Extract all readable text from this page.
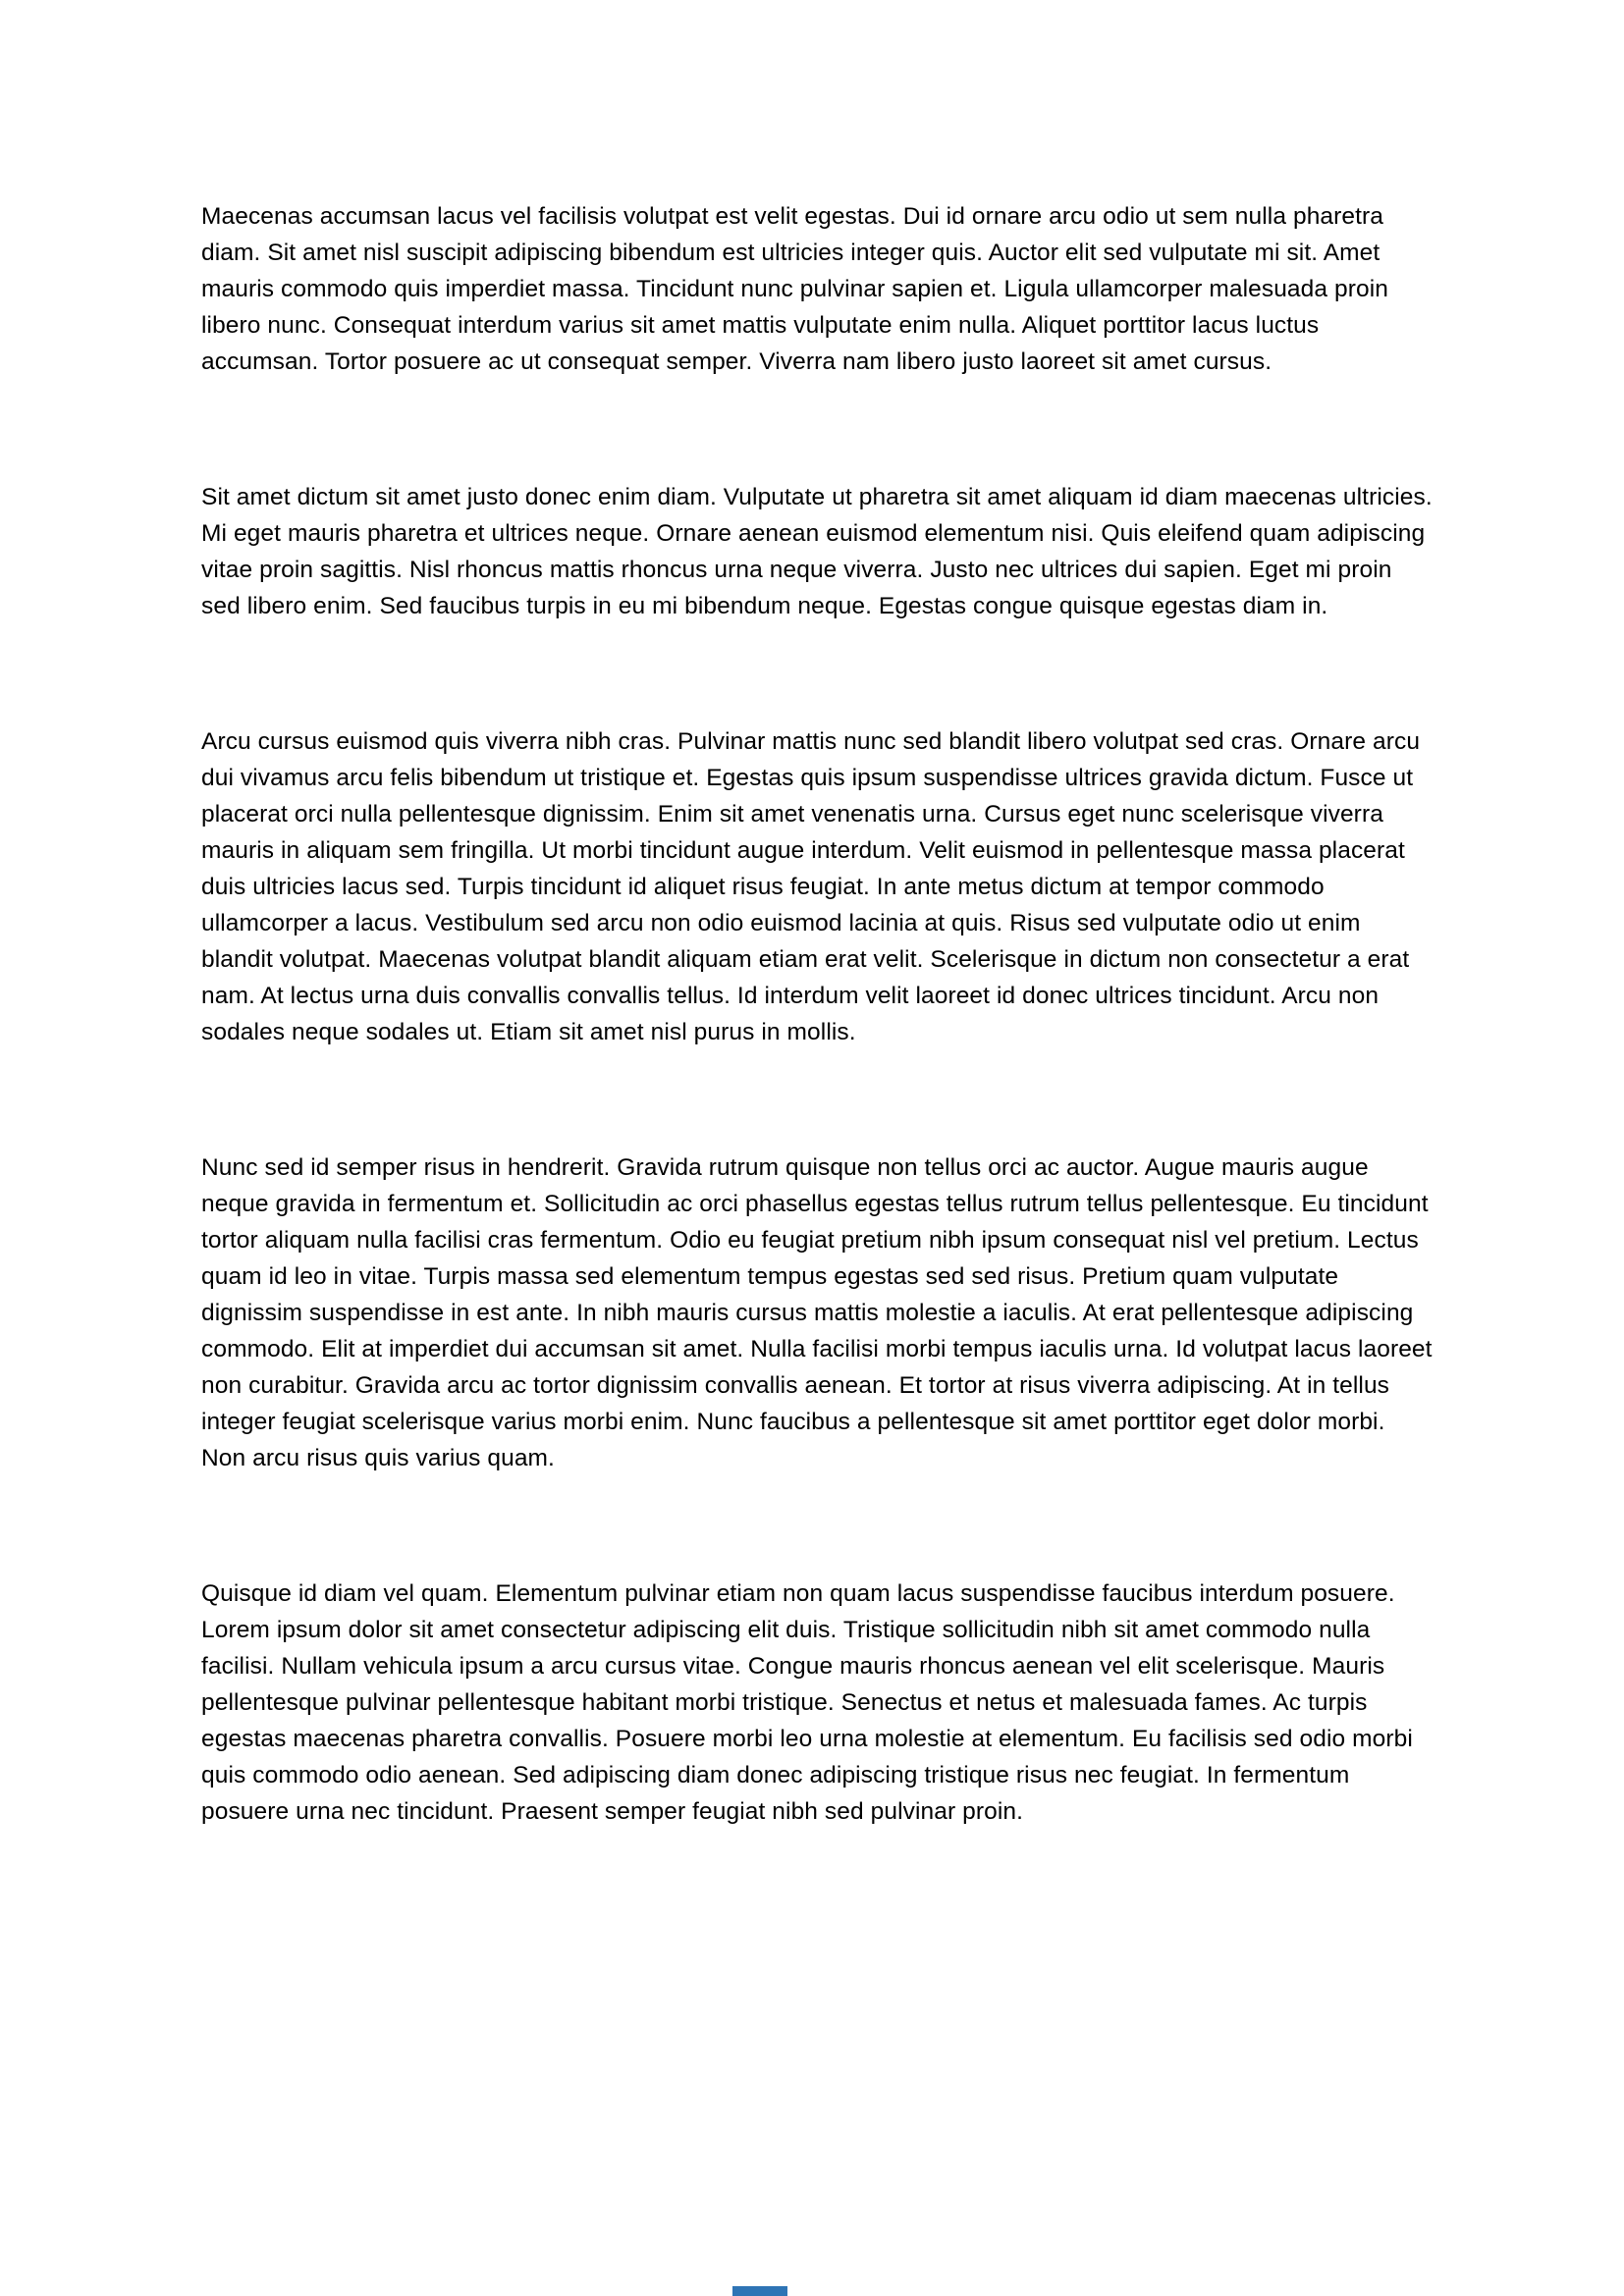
Maecenas accumsan lacus vel facilisis volutpat est velit egestas. Dui id ornare arcu odio ut sem nulla pharetra diam. Sit amet nisl suscipit adipiscing bibendum est ultricies integer quis. Auctor elit sed vulputate mi sit. Amet mauris commodo quis imperdiet massa. Tincidunt nunc pulvinar sapien et. Ligula ullamcorper malesuada proin libero nunc. Consequat interdum varius sit amet mattis vulputate enim nulla. Aliquet porttitor lacus luctus accumsan. Tortor posuere ac ut consequat semper. Viverra nam libero justo laoreet sit amet cursus.

Sit amet dictum sit amet justo donec enim diam. Vulputate ut pharetra sit amet aliquam id diam maecenas ultricies. Mi eget mauris pharetra et ultrices neque. Ornare aenean euismod elementum nisi. Quis eleifend quam adipiscing vitae proin sagittis. Nisl rhoncus mattis rhoncus urna neque viverra. Justo nec ultrices dui sapien. Eget mi proin sed libero enim. Sed faucibus turpis in eu mi bibendum neque. Egestas congue quisque egestas diam in.

Arcu cursus euismod quis viverra nibh cras. Pulvinar mattis nunc sed blandit libero volutpat sed cras. Ornare arcu dui vivamus arcu felis bibendum ut tristique et. Egestas quis ipsum suspendisse ultrices gravida dictum. Fusce ut placerat orci nulla pellentesque dignissim. Enim sit amet venenatis urna. Cursus eget nunc scelerisque viverra mauris in aliquam sem fringilla. Ut morbi tincidunt augue interdum. Velit euismod in pellentesque massa placerat duis ultricies lacus sed. Turpis tincidunt id aliquet risus feugiat. In ante metus dictum at tempor commodo ullamcorper a lacus. Vestibulum sed arcu non odio euismod lacinia at quis. Risus sed vulputate odio ut enim blandit volutpat. Maecenas volutpat blandit aliquam etiam erat velit. Scelerisque in dictum non consectetur a erat nam. At lectus urna duis convallis convallis tellus. Id interdum velit laoreet id donec ultrices tincidunt. Arcu non sodales neque sodales ut. Etiam sit amet nisl purus in mollis.

Nunc sed id semper risus in hendrerit. Gravida rutrum quisque non tellus orci ac auctor. Augue mauris augue neque gravida in fermentum et. Sollicitudin ac orci phasellus egestas tellus rutrum tellus pellentesque. Eu tincidunt tortor aliquam nulla facilisi cras fermentum. Odio eu feugiat pretium nibh ipsum consequat nisl vel pretium. Lectus quam id leo in vitae. Turpis massa sed elementum tempus egestas sed sed risus. Pretium quam vulputate dignissim suspendisse in est ante. In nibh mauris cursus mattis molestie a iaculis. At erat pellentesque adipiscing commodo. Elit at imperdiet dui accumsan sit amet. Nulla facilisi morbi tempus iaculis urna. Id volutpat lacus laoreet non curabitur. Gravida arcu ac tortor dignissim convallis aenean. Et tortor at risus viverra adipiscing. At in tellus integer feugiat scelerisque varius morbi enim. Nunc faucibus a pellentesque sit amet porttitor eget dolor morbi. Non arcu risus quis varius quam.

Quisque id diam vel quam. Elementum pulvinar etiam non quam lacus suspendisse faucibus interdum posuere. Lorem ipsum dolor sit amet consectetur adipiscing elit duis. Tristique sollicitudin nibh sit amet commodo nulla facilisi. Nullam vehicula ipsum a arcu cursus vitae. Congue mauris rhoncus aenean vel elit scelerisque. Mauris pellentesque pulvinar pellentesque habitant morbi tristique. Senectus et netus et malesuada fames. Ac turpis egestas maecenas pharetra convallis. Posuere morbi leo urna molestie at elementum. Eu facilisis sed odio morbi quis commodo odio aenean. Sed adipiscing diam donec adipiscing tristique risus nec feugiat. In fermentum posuere urna nec tincidunt. Praesent semper feugiat nibh sed pulvinar proin.
